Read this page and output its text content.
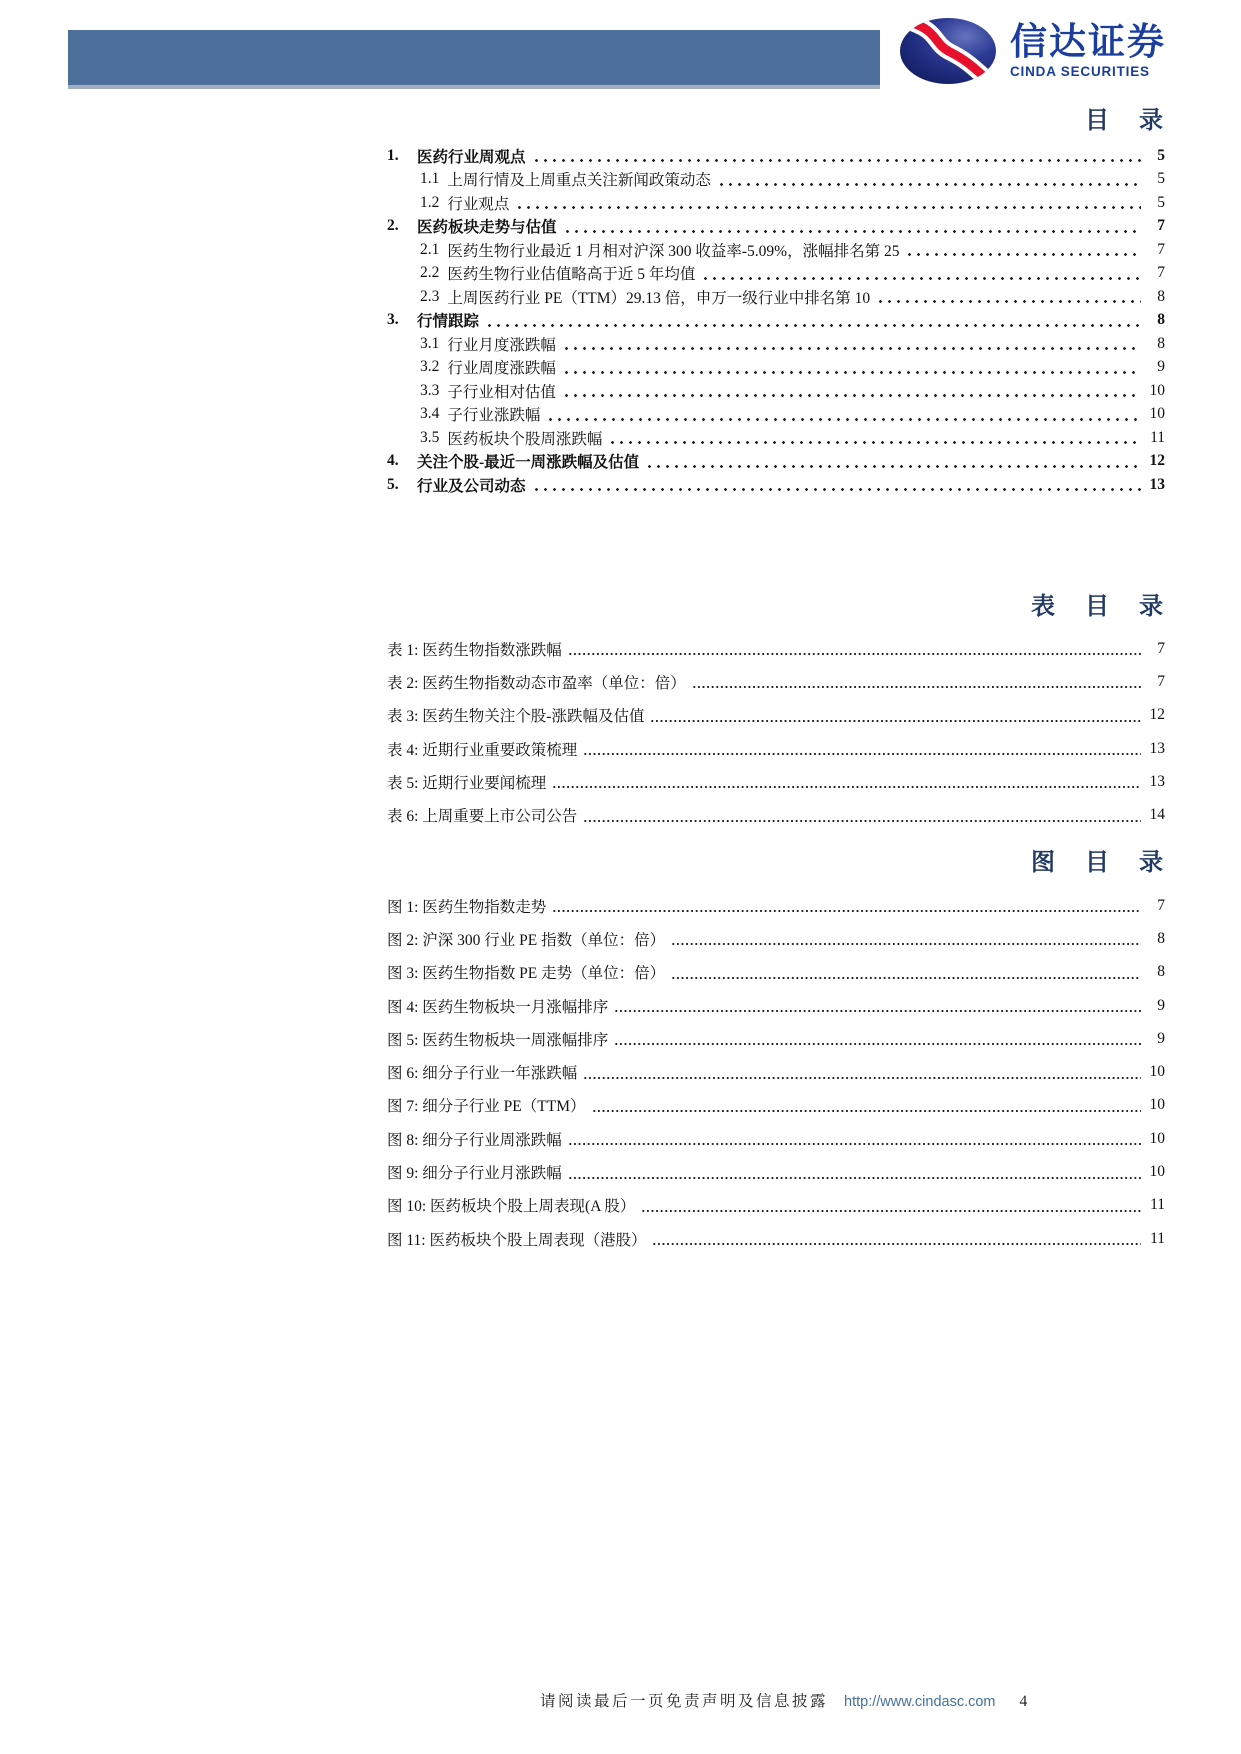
信达证券
CINDA SECURITIES
目  录
表  目  录
图  目  录
1.	医药行业周观点	5
1.1 上周行情及上周重点关注新闻政策动态	5
1.2 行业观点	5
2.	医药板块走势与估值	7
2.1 医药生物行业最近 1 月相对沪深 300 收益率-5.09%，涨幅排名第 25	7
2.2 医药生物行业估值略高于近 5 年均值	7
2.3 上周医药行业 PE（TTM）29.13 倍，申万一级行业中排名第 10	8
3.	行情跟踪	8
3.1 行业月度涨跌幅	8
3.2 行业周度涨跌幅	9
3.3 子行业相对估值	10
3.4 子行业涨跌幅	10
3.5 医药板块个股周涨跌幅	11
4.	关注个股-最近一周涨跌幅及估值	12
5.	行业及公司动态	13
表 1: 医药生物指数涨跌幅	7
表 2: 医药生物指数动态市盈率（单位：倍）	7
表 3: 医药生物关注个股-涨跌幅及估值	12
表 4: 近期行业重要政策梳理	13
表 5: 近期行业要闻梳理	13
表 6: 上周重要上市公司公告	14
图 1: 医药生物指数走势	7
图 2: 沪深 300 行业 PE 指数（单位：倍）	8
图 3: 医药生物指数 PE 走势（单位：倍）	8
图 4: 医药生物板块一月涨幅排序	9
图 5: 医药生物板块一周涨幅排序	9
图 6: 细分子行业一年涨跌幅	10
图 7: 细分子行业 PE（TTM）	10
图 8: 细分子行业周涨跌幅	10
图 9: 细分子行业月涨跌幅	10
图 10: 医药板块个股上周表现(A 股）	11
图 11: 医药板块个股上周表现（港股）	11
请阅读最后一页免责声明及信息披露 http://www.cindasc.com 4
